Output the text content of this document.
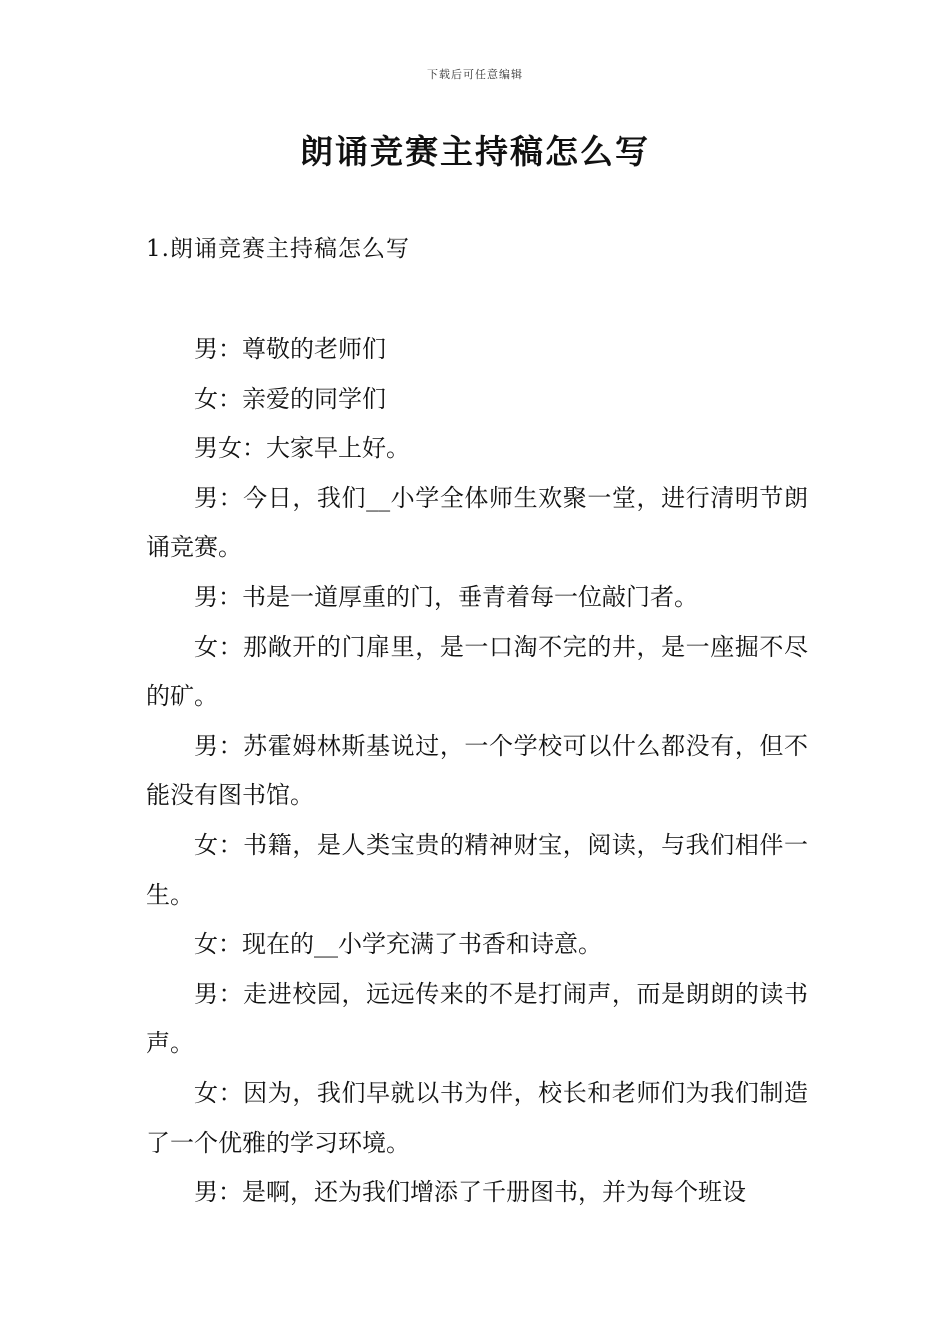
下载后可任意编辑
朗诵竞赛主持稿怎么写
1.朗诵竞赛主持稿怎么写

男：尊敬的老师们

女：亲爱的同学们

男女：大家早上好。

男：今日，我们__小学全体师生欢聚一堂，进行清明节朗诵竞赛。

男：书是一道厚重的门，垂青着每一位敲门者。

女：那敞开的门扉里，是一口淘不完的井，是一座掘不尽的矿。

男：苏霍姆林斯基说过，一个学校可以什么都没有，但不能没有图书馆。

女：书籍，是人类宝贵的精神财宝，阅读，与我们相伴一生。

女：现在的__小学充满了书香和诗意。

男：走进校园，远远传来的不是打闹声，而是朗朗的读书声。

女：因为，我们早就以书为伴，校长和老师们为我们制造了一个优雅的学习环境。

男：是啊，还为我们增添了千册图书，并为每个班设
